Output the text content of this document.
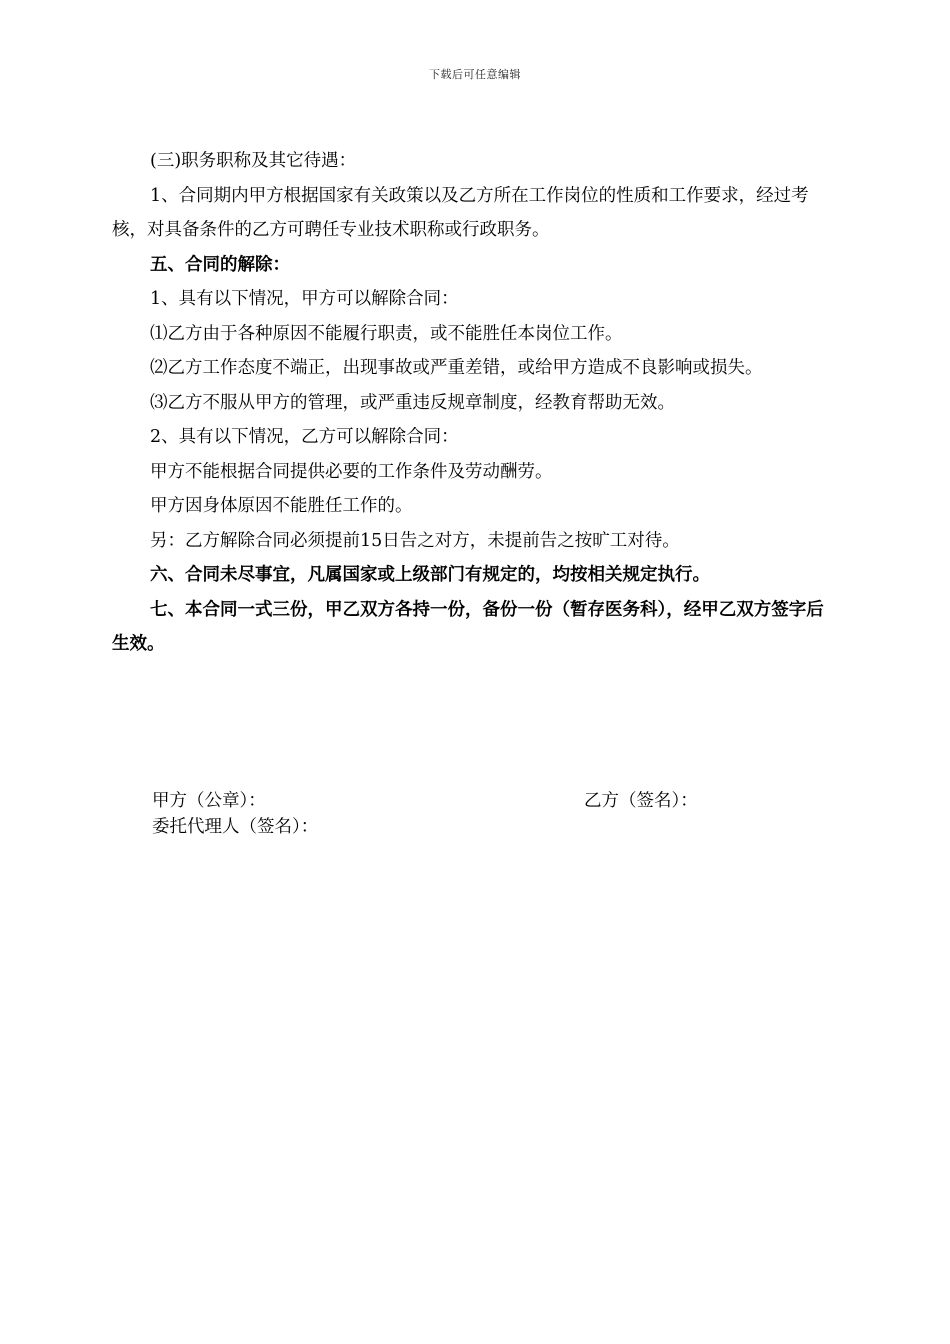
下载后可任意编辑

(三)职务职称及其它待遇：

1、合同期内甲方根据国家有关政策以及乙方所在工作岗位的性质和工作要求，经过考核，对具备条件的乙方可聘任专业技术职称或行政职务。

五、合同的解除：

1、具有以下情况，甲方可以解除合同：

⑴乙方由于各种原因不能履行职责，或不能胜任本岗位工作。

⑵乙方工作态度不端正，出现事故或严重差错，或给甲方造成不良影响或损失。

⑶乙方不服从甲方的管理，或严重违反规章制度，经教育帮助无效。

2、具有以下情况，乙方可以解除合同：

甲方不能根据合同提供必要的工作条件及劳动酬劳。

甲方因身体原因不能胜任工作的。

另：乙方解除合同必须提前15日告之对方，未提前告之按旷工对待。

六、合同未尽事宜，凡属国家或上级部门有规定的，均按相关规定执行。

七、本合同一式三份，甲乙双方各持一份，备份一份（暂存医务科），经甲乙双方签字后生效。

甲方（公章）：	乙方（签名）：
委托代理人（签名）：
